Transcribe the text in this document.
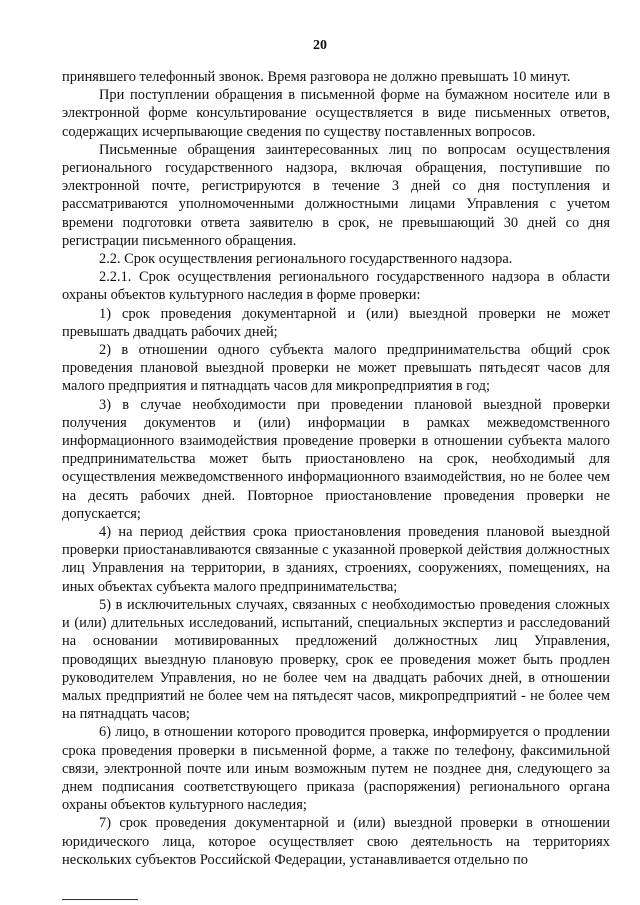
20

принявшего телефонный звонок. Время разговора не должно превышать 10 минут.

При поступлении обращения в письменной форме на бумажном носителе или в электронной форме консультирование осуществляется в виде письменных ответов, содержащих исчерпывающие сведения по существу поставленных вопросов.

Письменные обращения заинтересованных лиц по вопросам осуществления регионального государственного надзора, включая обращения, поступившие по электронной почте, регистрируются в течение 3 дней со дня поступления и рассматриваются уполномоченными должностными лицами Управления с учетом времени подготовки ответа заявителю в срок, не превышающий 30 дней со дня регистрации письменного обращения.

2.2. Срок осуществления регионального государственного надзора.

2.2.1. Срок осуществления регионального государственного надзора в области охраны объектов культурного наследия в форме проверки:

1) срок проведения документарной и (или) выездной проверки не может превышать двадцать рабочих дней;

2) в отношении одного субъекта малого предпринимательства общий срок проведения плановой выездной проверки не может превышать пятьдесят часов для малого предприятия и пятнадцать часов для микропредприятия в год;

3) в случае необходимости при проведении плановой выездной проверки получения документов и (или) информации в рамках межведомственного информационного взаимодействия проведение проверки в отношении субъекта малого предпринимательства может быть приостановлено на срок, необходимый для осуществления межведомственного информационного взаимодействия, но не более чем на десять рабочих дней. Повторное приостановление проведения проверки не допускается;

4) на период действия срока приостановления проведения плановой выездной проверки приостанавливаются связанные с указанной проверкой действия должностных лиц Управления на территории, в зданиях, строениях, сооружениях, помещениях, на иных объектах субъекта малого предпринимательства;

5) в исключительных случаях, связанных с необходимостью проведения сложных и (или) длительных исследований, испытаний, специальных экспертиз и расследований на основании мотивированных предложений должностных лиц Управления, проводящих выездную плановую проверку, срок ее проведения может быть продлен руководителем Управления, но не более чем на двадцать рабочих дней, в отношении малых предприятий не более чем на пятьдесят часов, микропредприятий - не более чем на пятнадцать часов;

6) лицо, в отношении которого проводится проверка, информируется о продлении срока проведения проверки в письменной форме, а также по телефону, факсимильной связи, электронной почте или иным возможным путем не позднее дня, следующего за днем подписания соответствующего приказа (распоряжения) регионального органа охраны объектов культурного наследия;

7) срок проведения документарной и (или) выездной проверки в отношении юридического лица, которое осуществляет свою деятельность на территориях нескольких субъектов Российской Федерации, устанавливается отдельно по
